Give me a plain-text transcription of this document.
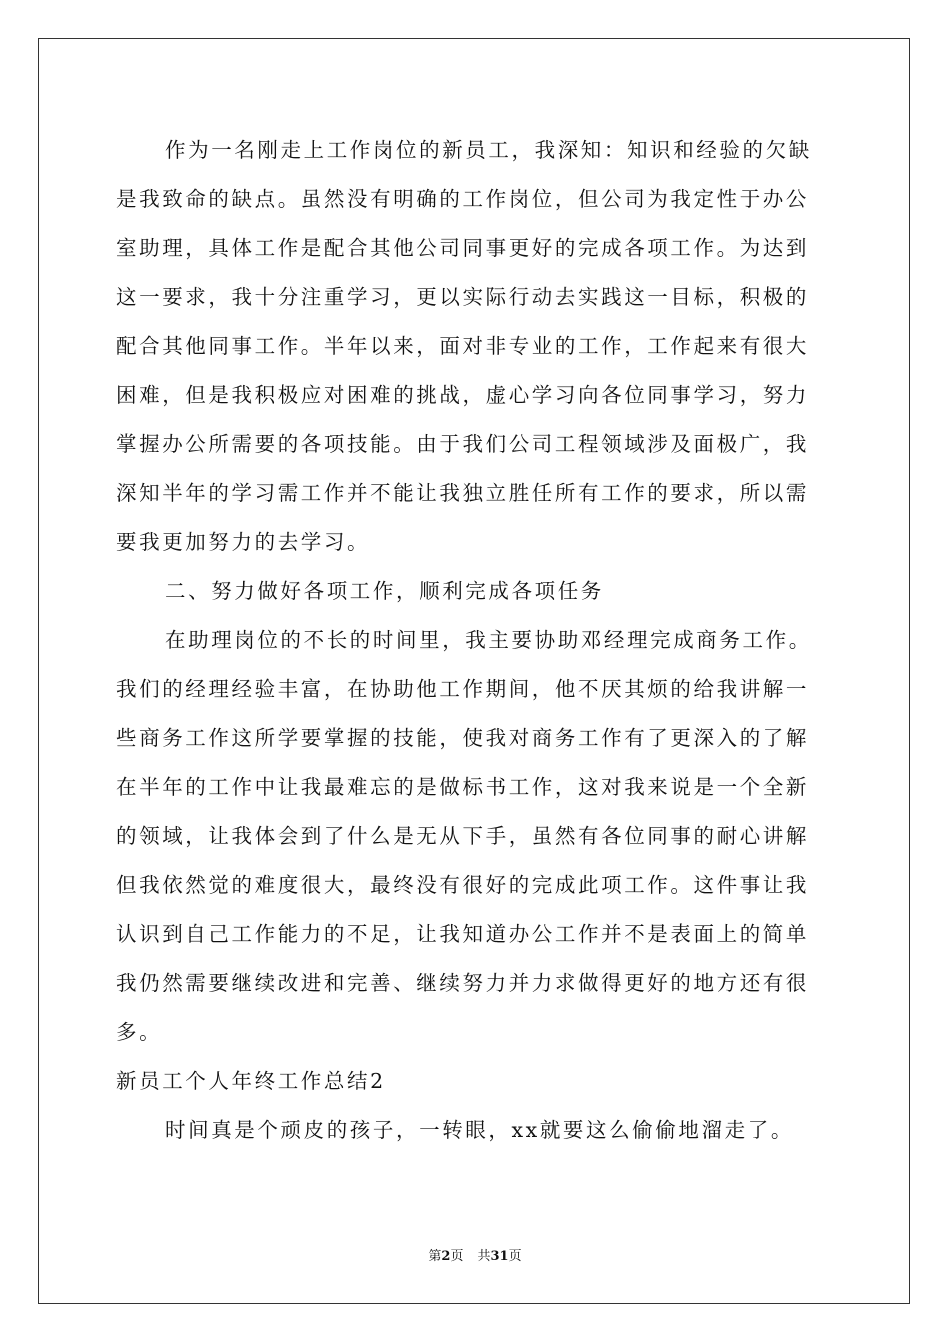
作为一名刚走上工作岗位的新员工，我深知：知识和经验的欠缺
是我致命的缺点。虽然没有明确的工作岗位，但公司为我定性于办公
室助理，具体工作是配合其他公司同事更好的完成各项工作。为达到
这一要求，我十分注重学习，更以实际行动去实践这一目标，积极的
配合其他同事工作。半年以来，面对非专业的工作，工作起来有很大
困难，但是我积极应对困难的挑战，虚心学习向各位同事学习，努力
掌握办公所需要的各项技能。由于我们公司工程领域涉及面极广，我
深知半年的学习需工作并不能让我独立胜任所有工作的要求，所以需
要我更加努力的去学习。
二、努力做好各项工作，顺利完成各项任务
在助理岗位的不长的时间里，我主要协助邓经理完成商务工作。
我们的经理经验丰富，在协助他工作期间，他不厌其烦的给我讲解一
些商务工作这所学要掌握的技能，使我对商务工作有了更深入的了解
在半年的工作中让我最难忘的是做标书工作，这对我来说是一个全新
的领域，让我体会到了什么是无从下手，虽然有各位同事的耐心讲解
但我依然觉的难度很大，最终没有很好的完成此项工作。这件事让我
认识到自己工作能力的不足，让我知道办公工作并不是表面上的简单
我仍然需要继续改进和完善、继续努力并力求做得更好的地方还有很
多。
新员工个人年终工作总结2
时间真是个顽皮的孩子，一转眼，xx就要这么偷偷地溜走了。
第2页 共31页
